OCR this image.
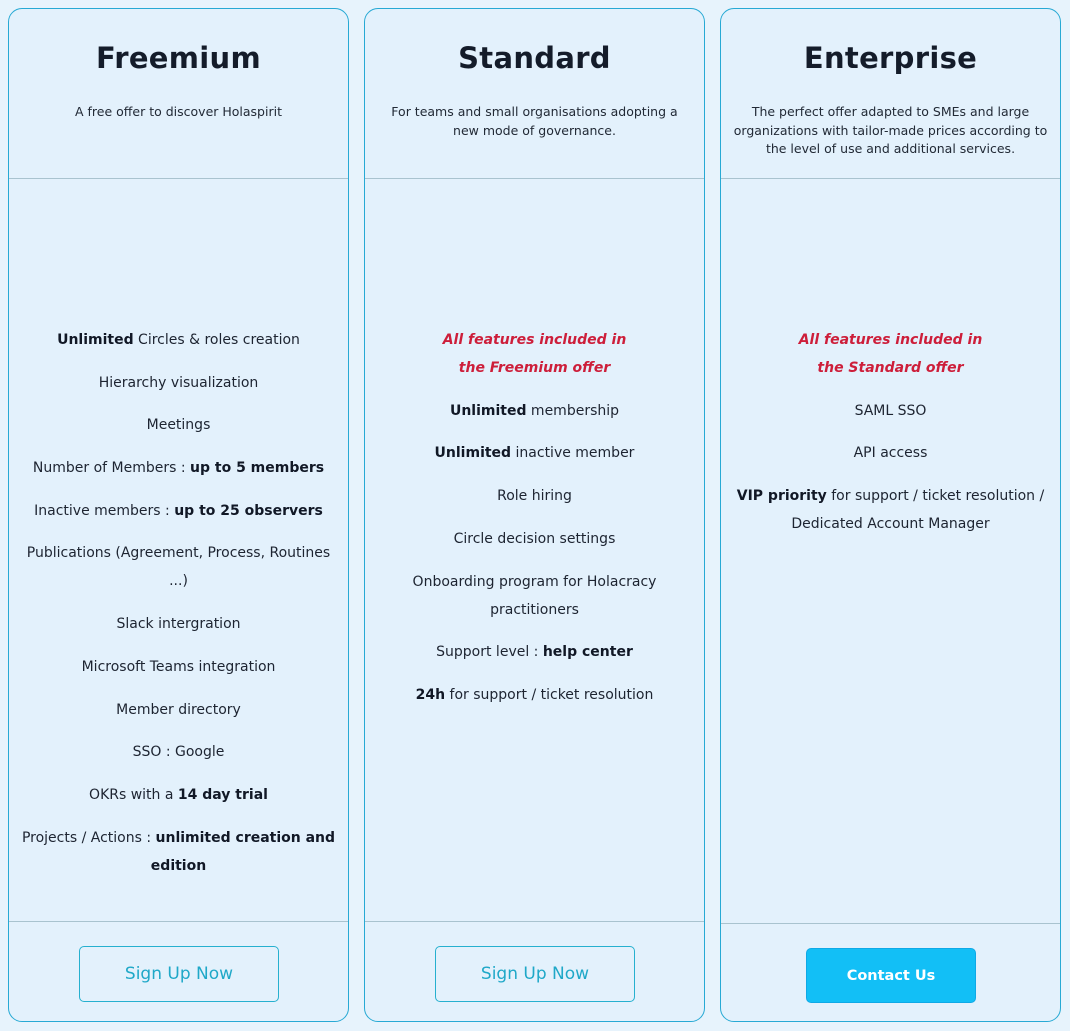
Freemium
A free offer to discover Holaspirit
Unlimited Circles & roles creation
Hierarchy visualization
Meetings
Number of Members : up to 5 members
Inactive members : up to 25 observers
Publications (Agreement, Process, Routines ...)
Slack intergration
Microsoft Teams integration
Member directory
SSO : Google
OKRs with a 14 day trial
Projects / Actions : unlimited creation and edition
Sign Up Now
Standard
For teams and small organisations adopting a new mode of governance.
All features included in the Freemium offer
Unlimited membership
Unlimited inactive member
Role hiring
Circle decision settings
Onboarding program for Holacracy practitioners
Support level : help center
24h for support / ticket resolution
Sign Up Now
Enterprise
The perfect offer adapted to SMEs and large organizations with tailor-made prices according to the level of use and additional services.
All features included in the Standard offer
SAML SSO
API access
VIP priority for support / ticket resolution / Dedicated Account Manager
Contact Us
